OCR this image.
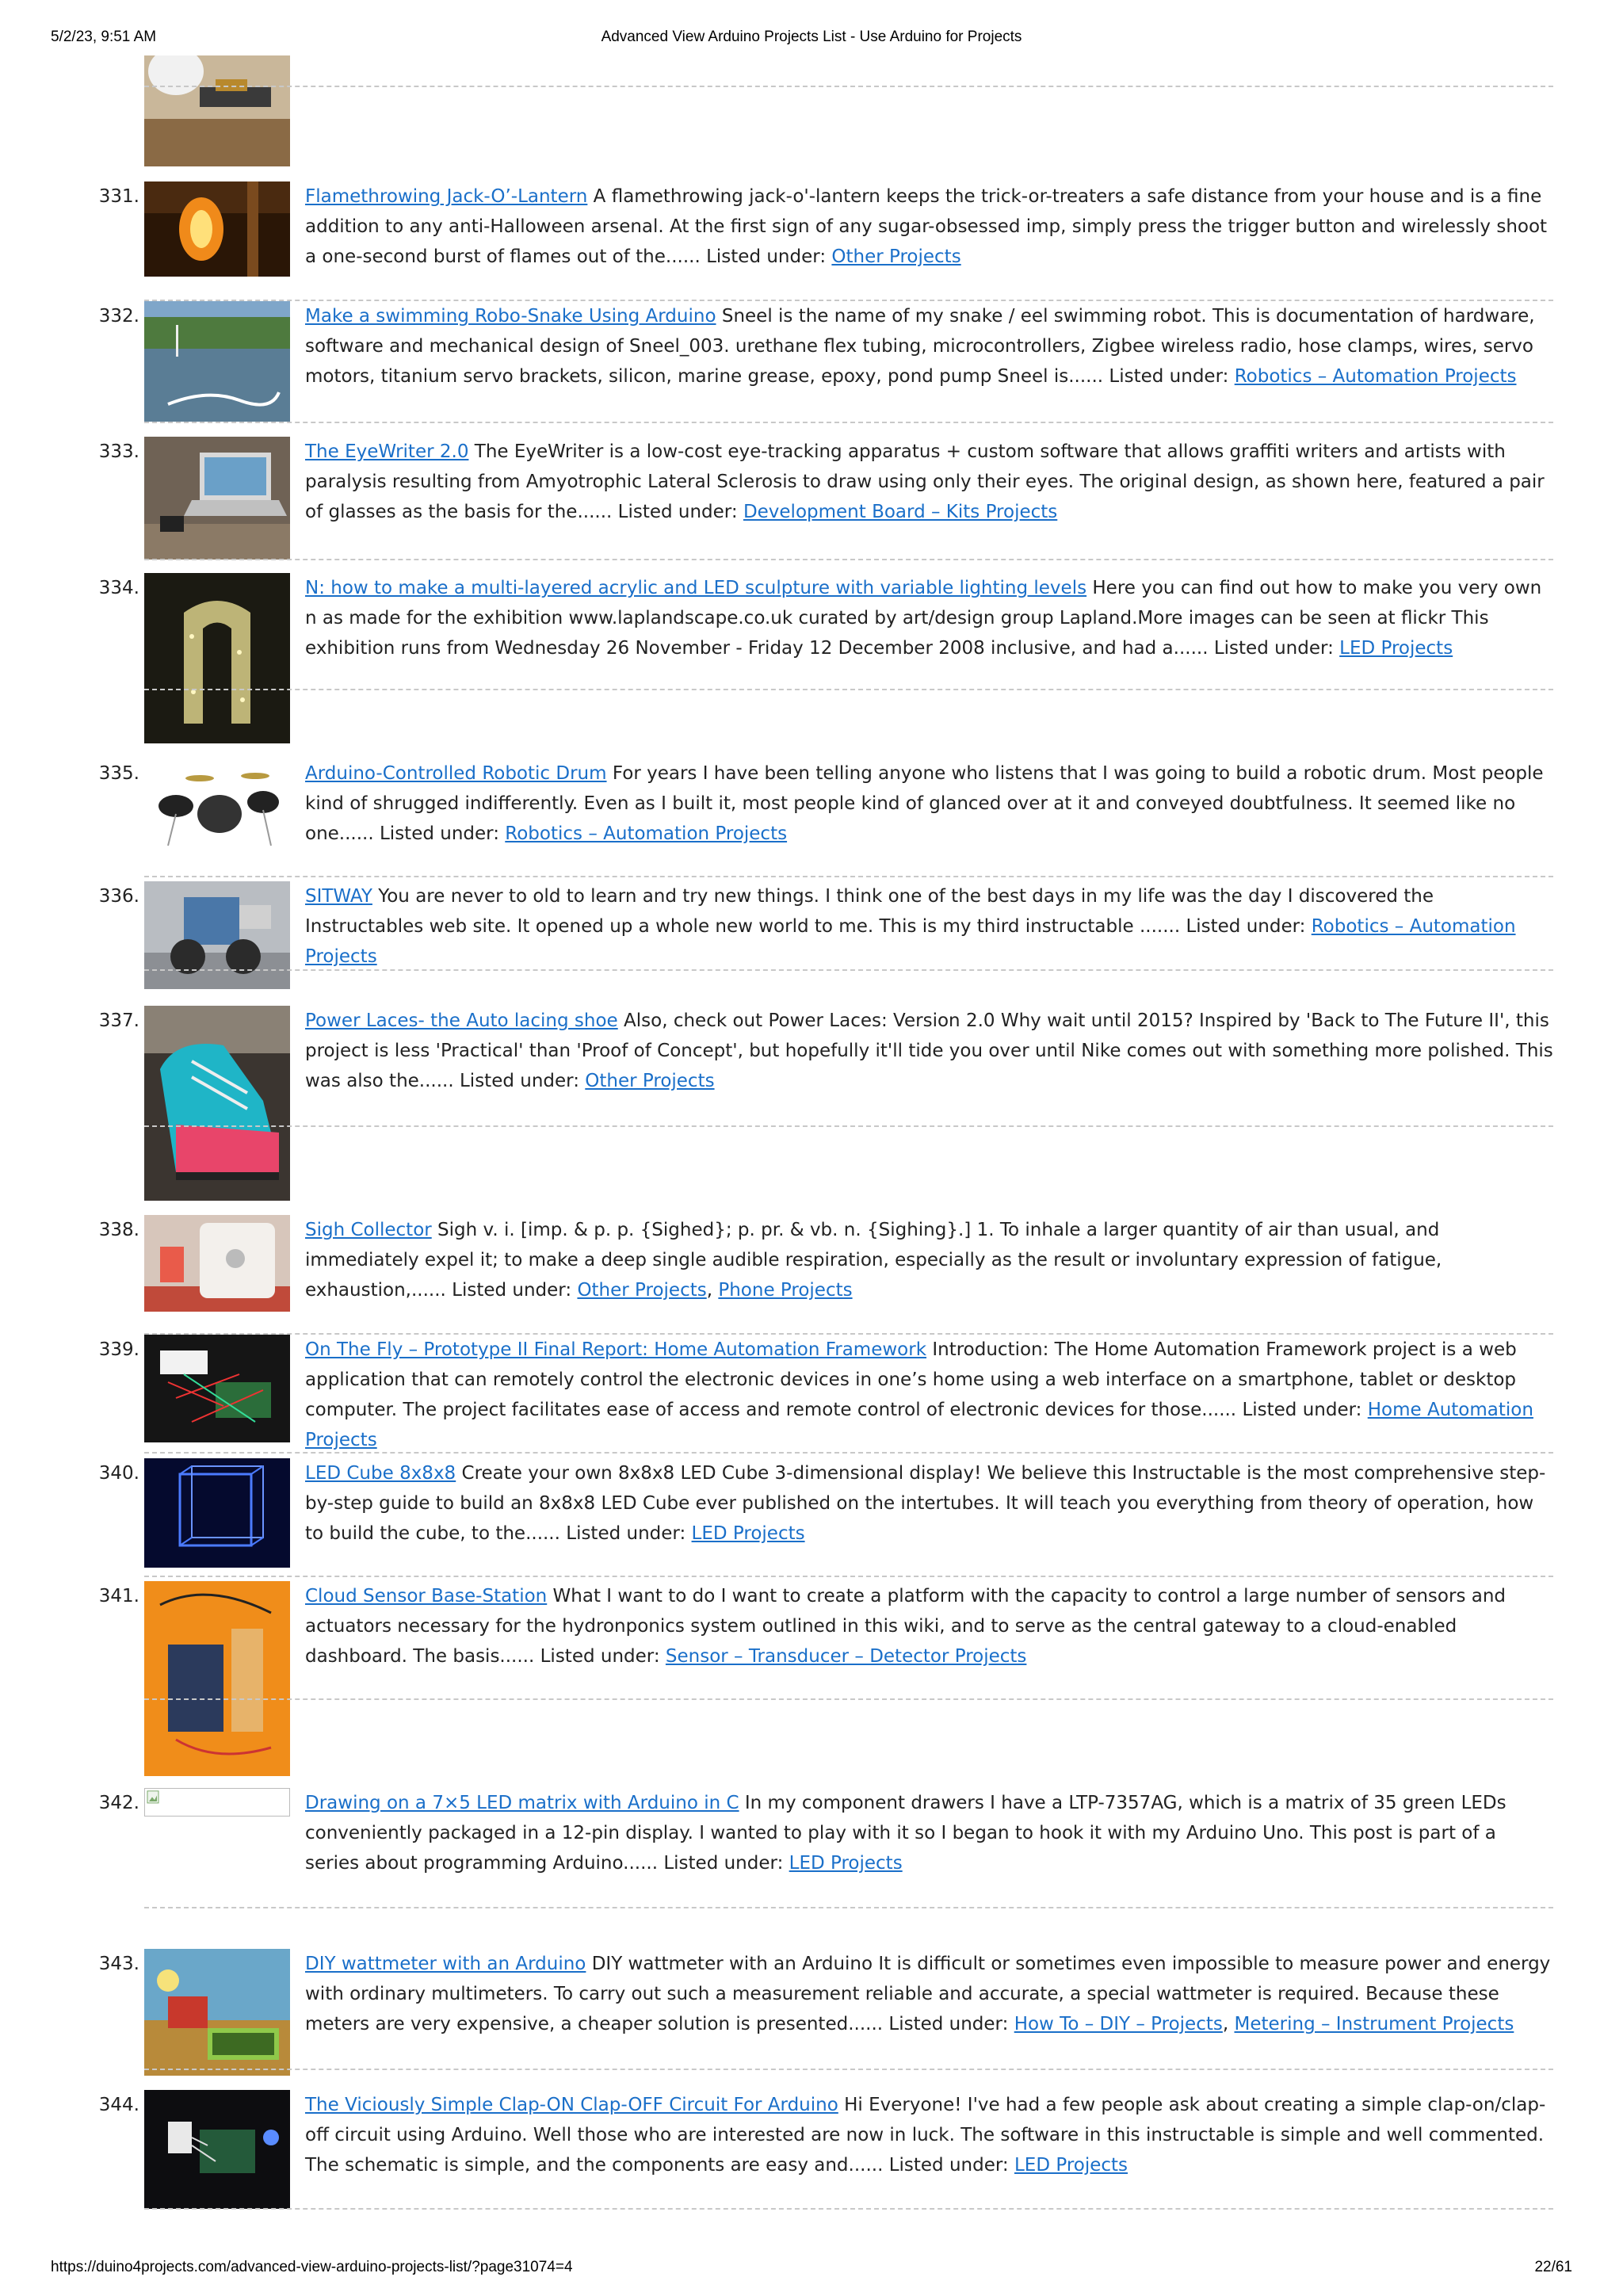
5/2/23, 9:51 AM	Advanced View Arduino Projects List - Use Arduino for Projects
331.	Flamethrowing Jack-O’-Lantern A flamethrowing jack-o'-lantern keeps the trick-or-treaters a safe distance from your house and is a fine addition to any anti-Halloween arsenal. At the first sign of any sugar-obsessed imp, simply press the trigger button and wirelessly shoot a one-second burst of flames out of the...... Listed under: Other Projects
332.	Make a swimming Robo-Snake Using Arduino Sneel is the name of my snake / eel swimming robot. This is documentation of hardware, software and mechanical design of Sneel_003. urethane flex tubing, microcontrollers, Zigbee wireless radio, hose clamps, wires, servo motors, titanium servo brackets, silicon, marine grease, epoxy, pond pump Sneel is...... Listed under: Robotics – Automation Projects
333.	The EyeWriter 2.0 The EyeWriter is a low-cost eye-tracking apparatus + custom software that allows graffiti writers and artists with paralysis resulting from Amyotrophic Lateral Sclerosis to draw using only their eyes. The original design, as shown here, featured a pair of glasses as the basis for the...... Listed under: Development Board – Kits Projects
334.	N: how to make a multi-layered acrylic and LED sculpture with variable lighting levels Here you can find out how to make you very own n as made for the exhibition www.laplandscape.co.uk curated by art/design group Lapland.More images can be seen at flickr This exhibition runs from Wednesday 26 November - Friday 12 December 2008 inclusive, and had a...... Listed under: LED Projects
335.	Arduino-Controlled Robotic Drum For years I have been telling anyone who listens that I was going to build a robotic drum. Most people kind of shrugged indifferently. Even as I built it, most people kind of glanced over at it and conveyed doubtfulness. It seemed like no one...... Listed under: Robotics – Automation Projects
336.	SITWAY You are never to old to learn and try new things. I think one of the best days in my life was the day I discovered the Instructables web site. It opened up a whole new world to me. This is my third instructable ....... Listed under: Robotics – Automation Projects
337.	Power Laces- the Auto lacing shoe Also, check out Power Laces: Version 2.0 Why wait until 2015? Inspired by 'Back to The Future II', this project is less 'Practical' than 'Proof of Concept', but hopefully it'll tide you over until Nike comes out with something more polished. This was also the...... Listed under: Other Projects
338.	Sigh Collector Sigh v. i. [imp. & p. p. {Sighed}; p. pr. & vb. n. {Sighing}.] 1. To inhale a larger quantity of air than usual, and immediately expel it; to make a deep single audible respiration, especially as the result or involuntary expression of fatigue, exhaustion,...... Listed under: Other Projects, Phone Projects
339.	On The Fly – Prototype II Final Report: Home Automation Framework Introduction: The Home Automation Framework project is a web application that can remotely control the electronic devices in one’s home using a web interface on a smartphone, tablet or desktop computer. The project facilitates ease of access and remote control of electronic devices for those...... Listed under: Home Automation Projects
340.	LED Cube 8x8x8 Create your own 8x8x8 LED Cube 3-dimensional display! We believe this Instructable is the most comprehensive step-by-step guide to build an 8x8x8 LED Cube ever published on the intertubes. It will teach you everything from theory of operation, how to build the cube, to the...... Listed under: LED Projects
341.	Cloud Sensor Base-Station What I want to do I want to create a platform with the capacity to control a large number of sensors and actuators necessary for the hydronponics system outlined in this wiki, and to serve as the central gateway to a cloud-enabled dashboard. The basis...... Listed under: Sensor – Transducer – Detector Projects
342.	Drawing on a 7×5 LED matrix with Arduino in C In my component drawers I have a LTP-7357AG, which is a matrix of 35 green LEDs conveniently packaged in a 12-pin display. I wanted to play with it so I began to hook it with my Arduino Uno. This post is part of a series about programming Arduino...... Listed under: LED Projects
343.	DIY wattmeter with an Arduino DIY wattmeter with an Arduino It is difficult or sometimes even impossible to measure power and energy with ordinary multimeters. To carry out such a measurement reliable and accurate, a special wattmeter is required. Because these meters are very expensive, a cheaper solution is presented...... Listed under: How To – DIY – Projects, Metering – Instrument Projects
344.	The Viciously Simple Clap-ON Clap-OFF Circuit For Arduino Hi Everyone! I've had a few people ask about creating a simple clap-on/clap-off circuit using Arduino. Well those who are interested are now in luck. The software in this instructable is simple and well commented. The schematic is simple, and the components are easy and...... Listed under: LED Projects
https://duino4projects.com/advanced-view-arduino-projects-list/?page31074=4	22/61
